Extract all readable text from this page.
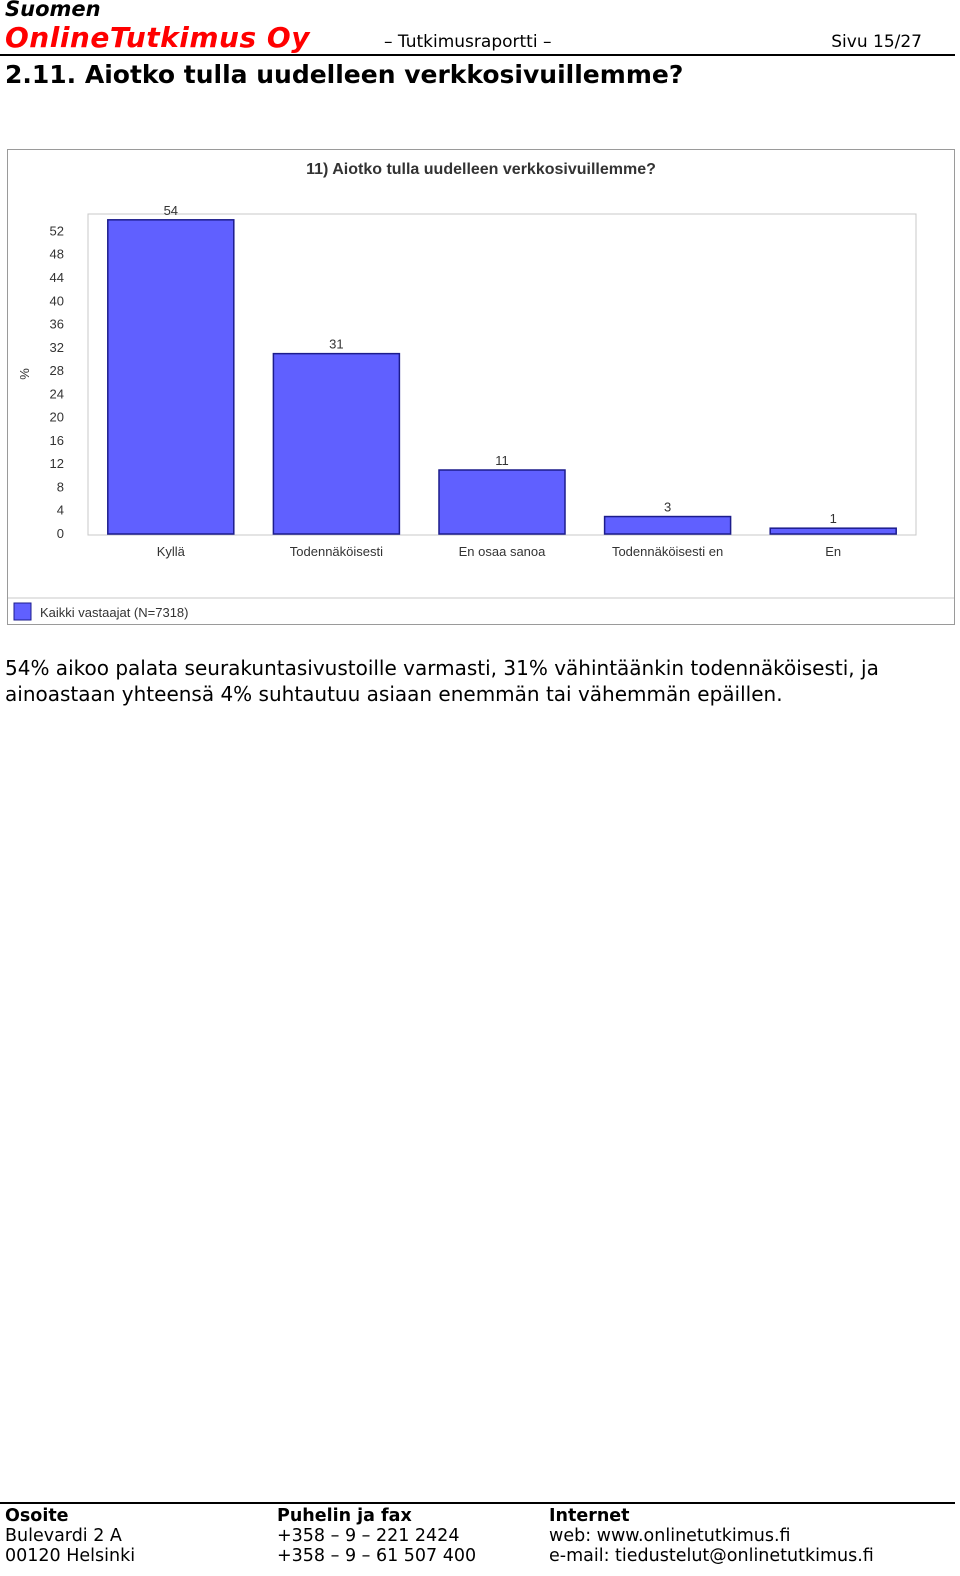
Suomen
OnlineTutkimus Oy	– Tutkimusraportti –	Sivu 15/27
2.11. Aiotko tulla uudelleen verkkosivuillemme?
11) Aiotko tulla uudelleen verkkosivuillemme?
%
0
4
8
12
16
20
24
28
32
36
40
44
48
52
54
31
11
3
1
Kyllä	Todennäköisesti	En osaa sanoa	Todennäköisesti en	En
Kaikki vastaajat (N=7318)

54% aikoo palata seurakuntasivustoille varmasti, 31% vähintäänkin todennäköisesti, ja ainoastaan yhteensä 4% suhtautuu asiaan enemmän tai vähemmän epäillen.

Osoite
Bulevardi 2 A
00120 Helsinki
Puhelin ja fax
+358 – 9 – 221 2424
+358 – 9 – 61 507 400
Internet
web: www.onlinetutkimus.fi
e-mail: tiedustelut@onlinetutkimus.fi
